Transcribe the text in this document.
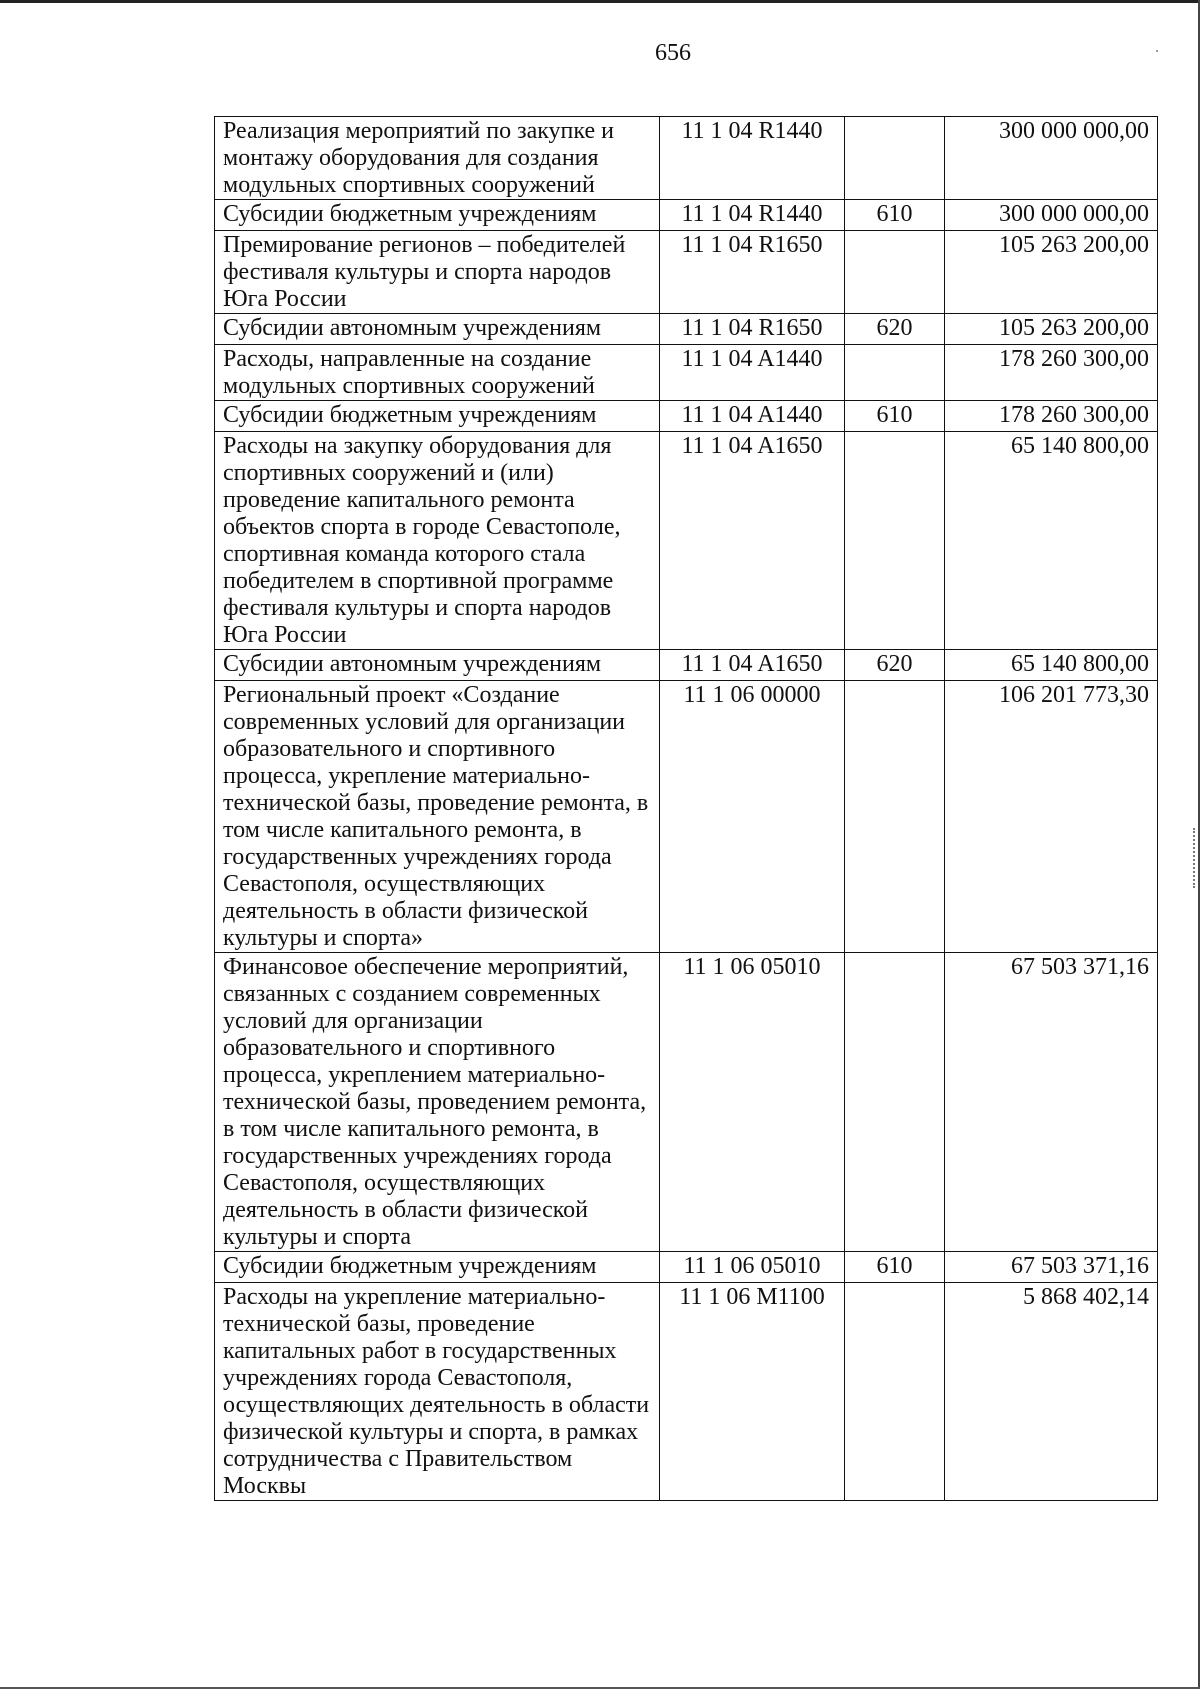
656
Реализация мероприятий по закупке и монтажу оборудования для создания модульных спортивных сооружений	11 1 04 R1440		300 000 000,00
Субсидии бюджетным учреждениям	11 1 04 R1440	610	300 000 000,00
Премирование регионов – победителей фестиваля культуры и спорта народов Юга России	11 1 04 R1650		105 263 200,00
Субсидии автономным учреждениям	11 1 04 R1650	620	105 263 200,00
Расходы, направленные на создание модульных спортивных сооружений	11 1 04 A1440		178 260 300,00
Субсидии бюджетным учреждениям	11 1 04 A1440	610	178 260 300,00
Расходы на закупку оборудования для спортивных сооружений и (или) проведение капитального ремонта объектов спорта в городе Севастополе, спортивная команда которого стала победителем в спортивной программе фестиваля культуры и спорта народов Юга России	11 1 04 A1650		65 140 800,00
Субсидии автономным учреждениям	11 1 04 A1650	620	65 140 800,00
Региональный проект «Создание современных условий для организации образовательного и спортивного процесса, укрепление материально-технической базы, проведение ремонта, в том числе капитального ремонта, в государственных учреждениях города Севастополя, осуществляющих деятельность в области физической культуры и спорта»	11 1 06 00000		106 201 773,30
Финансовое обеспечение мероприятий, связанных с созданием современных условий для организации образовательного и спортивного процесса, укреплением материально-технической базы, проведением ремонта, в том числе капитального ремонта, в государственных учреждениях города Севастополя, осуществляющих деятельность в области физической культуры и спорта	11 1 06 05010		67 503 371,16
Субсидии бюджетным учреждениям	11 1 06 05010	610	67 503 371,16
Расходы на укрепление материально-технической базы, проведение капитальных работ в государственных учреждениях города Севастополя, осуществляющих деятельность в области физической культуры и спорта, в рамках сотрудничества с Правительством Москвы	11 1 06 M1100		5 868 402,14
